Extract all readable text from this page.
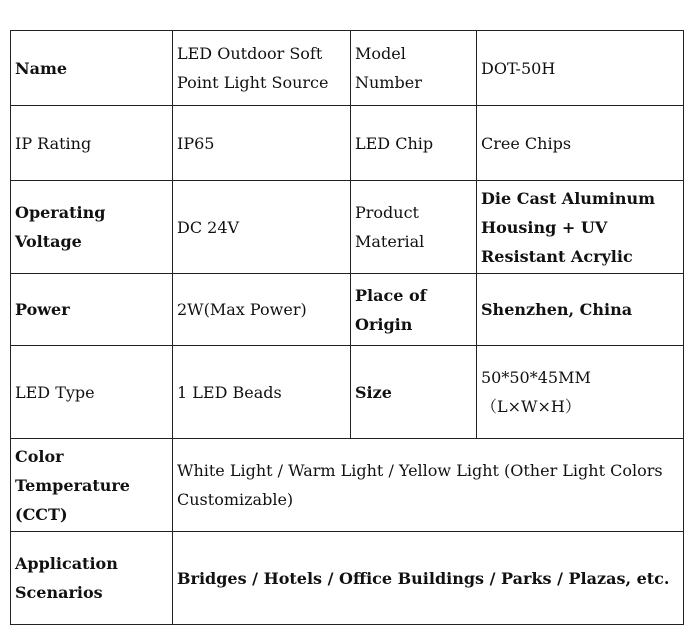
Name	LED Outdoor Soft Point Light Source	Model Number	DOT-50H
IP Rating	IP65	LED Chip	Cree Chips
Operating Voltage	DC 24V	Product Material	Die Cast Aluminum Housing + UV Resistant Acrylic
Power	2W(Max Power)	Place of Origin	Shenzhen, China
LED Type	1 LED Beads	Size	50*50*45MM （L×W×H）
Color Temperature (CCT)	White Light / Warm Light / Yellow Light (Other Light Colors Customizable)		
Application Scenarios	Bridges / Hotels / Office Buildings / Parks / Plazas, etc.		
